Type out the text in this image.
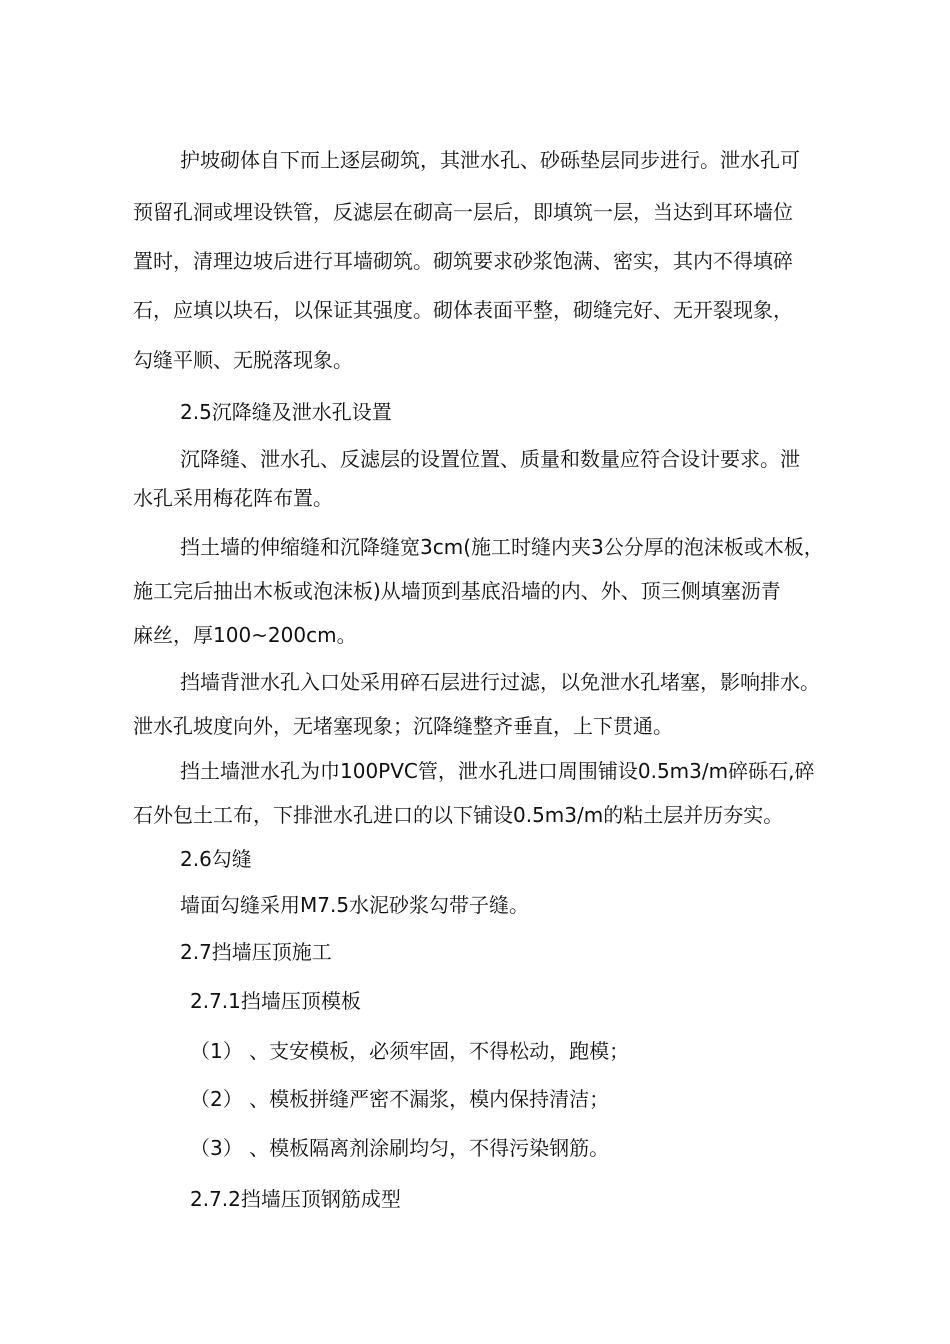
护坡砌体自下而上逐层砌筑，其泄水孔、砂砾垫层同步进行。泄水孔可
预留孔洞或埋设铁管，反滤层在砌高一层后，即填筑一层，当达到耳环墙位
置时，清理边坡后进行耳墙砌筑。砌筑要求砂浆饱满、密实，其内不得填碎
石，应填以块石，以保证其强度。砌体表面平整，砌缝完好、无开裂现象，
勾缝平顺、无脱落现象。
2.5沉降缝及泄水孔设置
沉降缝、泄水孔、反滤层的设置位置、质量和数量应符合设计要求。泄
水孔采用梅花阵布置。
挡土墙的伸缩缝和沉降缝宽3cm(施工时缝内夹3公分厚的泡沫板或木板，
施工完后抽出木板或泡沫板)从墙顶到基底沿墙的内、外、顶三侧填塞沥青
麻丝，厚100~200cm。
挡墙背泄水孔入口处采用碎石层进行过滤，以免泄水孔堵塞，影响排水。
泄水孔坡度向外，无堵塞现象；沉降缝整齐垂直，上下贯通。
挡土墙泄水孔为巾100PVC管，泄水孔进口周围铺设0.5m3/m碎砾石,碎
石外包土工布，下排泄水孔进口的以下铺设0.5m3/m的粘土层并历夯实。
2.6勾缝
墙面勾缝采用M7.5水泥砂浆勾带子缝。
2.7挡墙压顶施工
2.7.1挡墙压顶模板
（1） 、支安模板，必须牢固，不得松动，跑模；
（2） 、模板拼缝严密不漏浆，模内保持清洁；
（3） 、模板隔离剂涂刷均匀，不得污染钢筋。
2.7.2挡墙压顶钢筋成型
